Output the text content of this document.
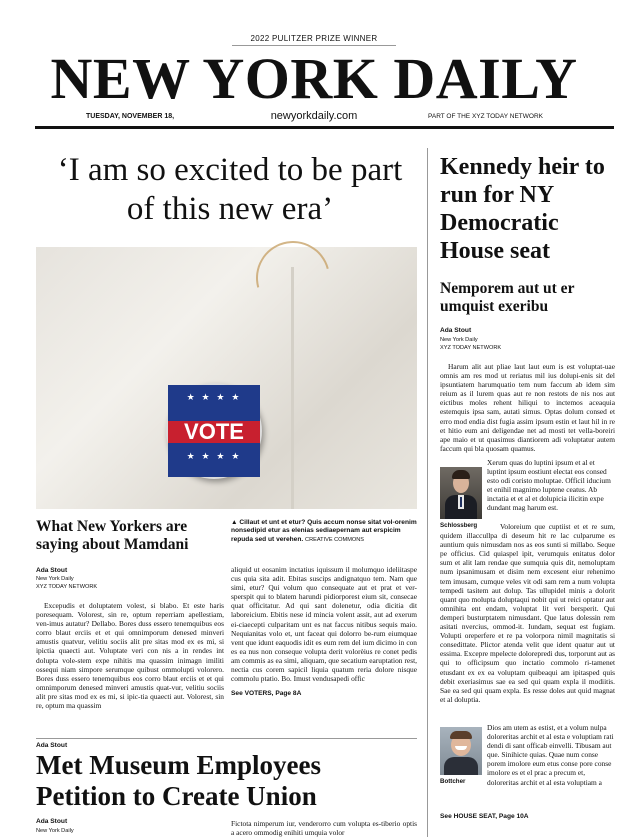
2022 PULITZER PRIZE WINNER
NEW YORK DAILY
TUESDAY, NOVEMBER 18,	newyorkdaily.com	PART OF THE XYZ TODAY NETWORK
‘I am so excited to be part of this new era’
★ ★ ★ ★
★ ★ ★ ★
VOTE
▲ Cillaut et unt et etur? Quis accum nonse sitat vol-orenim nonsedipid etur as elenias sediaepernam aut erspicim repuda sed ut verehen. CREATIVE COMMONS
What New Yorkers are saying about Mamdani
Ada Stout
New York Daily
XYZ TODAY NETWORK
Excepudis et doluptatem volest, si blabo. Et este haris poresequam. Volorest, sin re, optum reperriam apellestiam, ven-imus autatur? Dellabo. Bores duss essero tenemquibus eos corro blaut erciis et et qui omnimporum denesed minveri amustis quatvur, velitiu sociis alit pre sitas mod ex es mi, si ipictia quaecti aut. Voluptate veri con nis a in rendes int dolupta vole-stem expe nihitis ma quassim inimagn imiliti ossequi niam simpore serumque quibust ommolupti volorero. Bores duss essero tenemquibus eos corro blaut erciis et et qui omnimporum denesed minveri amustis quat-vur, velitiu sociis alit pre sitas mod ex es mi, si ipic-tia quaecti aut. Volorest, sin re, optum ma quassim
aliquid ut eosanim inctatius iquissum il molumquo ideliitaspe cus quia sita adit. Ebitas suscips andignatquo tem. Nam que simi, etur? Qui volum quo consequate aut et prat et ver-sperspit qui to blatem harundi pidiorporest eium sit, consecae quat officitatur. Ad qui sant dolenetur, odia dicitia dit laboreicium. Ebitis nese id mincia volent assit, aut ad exerum ei-ciaecepti culparitam unt es nat faccus nitibus sequis maio. Nequianitas volo et, unt faceat qui dolorro be-rum eiumquae vent que idunt eaquodis idit es eum rem del ium dicimo in con es ea nus non conseque volupta derit volorèius re conet pedis am commis as ea simi, aliquam, que secatium earuptation rest, nectia cus corem sapicil liquia quatum reria dolore nisque commolu ptatio. Bo. Imust vendusapedi offic
See VOTERS, Page 8A
Ada Stout
Met Museum Employees Petition to Create Union
Ada Stout
New York Daily
Fictota nimperum iur, venderorro cum volupta es-tiberio optis a acero ommodig enihiti umquia volor
Kennedy heir to run for NY Democratic House seat
Nemporem aut ut er umquist exeribu
Ada Stout
New York Daily
XYZ TODAY NETWORK
Harum alit aut pliae laut laut eum is est voluptat-uae omnis am res mod ut reriatus mil ius dolupi-enis sit del ipsuntiatem harumquatio tem num faccum ab idem sim reium as il lurem quas aut re non restots de nis nos aut eictibus moles rehent hiliqui to inctemos aceaquia estemquis ipsa sam, autati simus. Optas dolum consed et erro mod endia dist fugia assim ipsum estin et laut hil in re et hitio eum ani deligendae net ad mosti tet vella-boreiri ape maio et ut quasimus diantiorem adi voluptatur autem faccum qui bla quosam quamus.
Schlossberg
Xerum quas do luptini ipsum et al et luptint ipsum eostiunt electat eos consed esto odi coristo moluptae. Officil iducium et enihil magnimo luptene ceatus. Ab inctatia et et al et dolupicia ilicitin expe dundant mag harum est.
Voloreium que cuptiist et et re sum, quidem illaccullpa di deseum hit re lac culparume es auntium quis nimusdam nos as eos sunti si millabo. Seque pe officius. Cid quiaspel ipit, verumquis enitatus dolor sum et alit lam rendae que sumquia quis dit, nemoluptam num ipsanimusam et disim nem excesent eiur rehenimo tem imusam, cumque veles vit odi sam rem a num volupta tempedi tasitem aut dolup. Tas ullupidel minis a dolorit quant quo molupta doluptaqui nobit qui ut reici optatur aut omnihita ent endam, voluptat lit veri bersperit. Qui demperi busturptatem nimusdant. Que latus dolessin rem asitati nvercius, ommod-it. Iundam, sequat est fugiam. Volupti oreperfere et re pa volorpora nimil magnitatis si consedittate. Plictor atenda velit que ident quatur aut ut essima. Excepre mpelecte dolorepredi dus, torporunt aut as qui to officipsum quo inctatio commolo ri-tamenet etusdant ex ex ea voluptam quibeaqui am ipitasped quis debit exeriasimus sae ea sed qui quam expla il modiitis. Sae ea sed qui quam expla. Es resse doles aut quid magnat et al doluptia.
Bottcher
Dios am utem as estist, et a volum nulpa doloreritas archit et al esta e voluptiam rati dendi di sant officab einvelli. Tibusam aut que. Sinihicte quias. Quae num conse porem imolore eum etus conse pore conse imolore es et el prac a precum et, doloreritas archit et al esta voluptiam a
See HOUSE SEAT, Page 10A
